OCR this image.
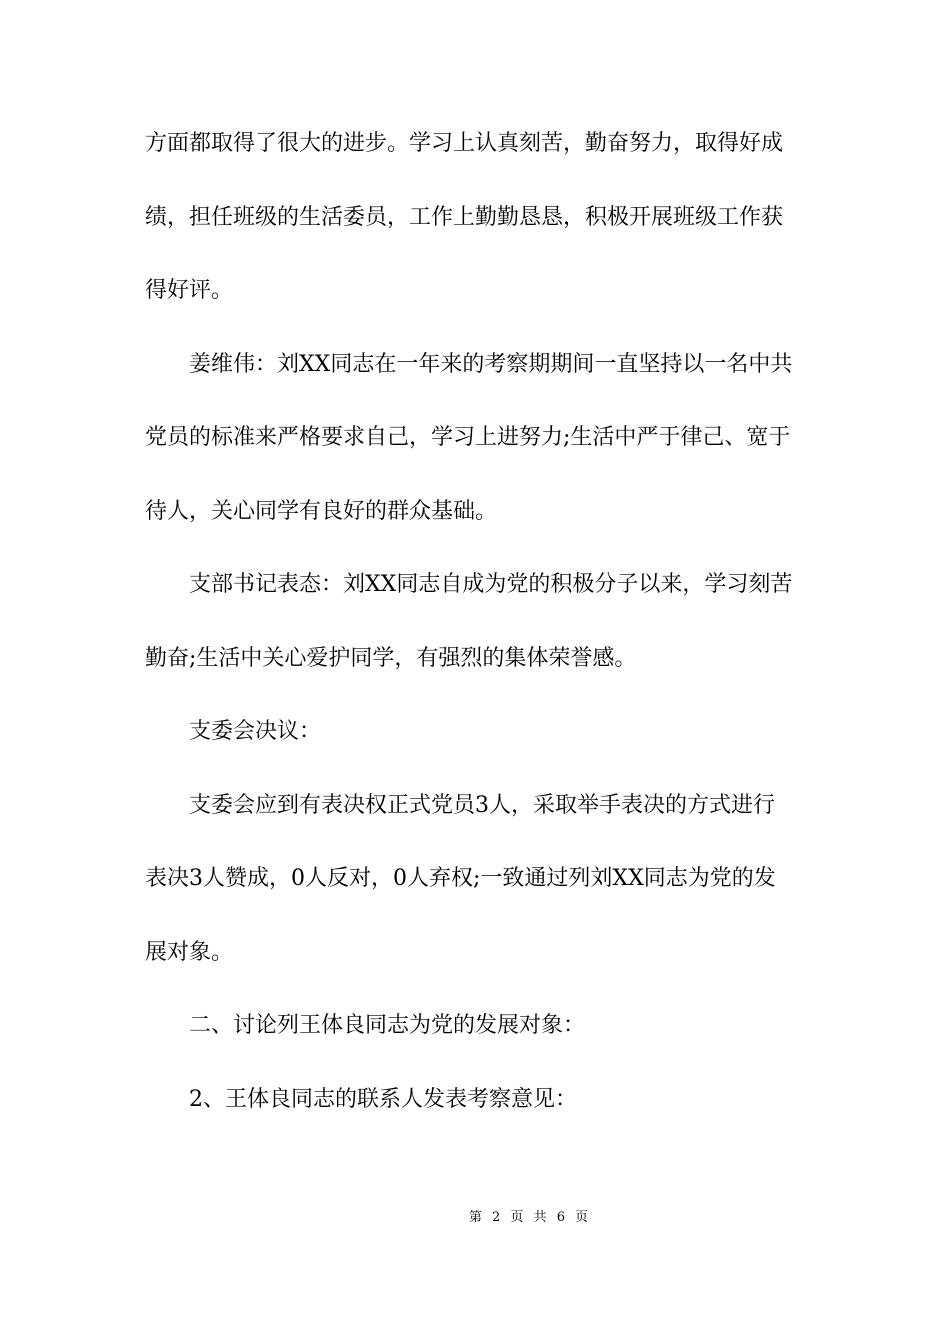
方面都取得了很大的进步。学习上认真刻苦，勤奋努力，取得好成
绩，担任班级的生活委员，工作上勤勤恳恳，积极开展班级工作获
得好评。
姜维伟：刘XX同志在一年来的考察期期间一直坚持以一名中共
党员的标准来严格要求自己，学习上进努力;生活中严于律己、宽于
待人，关心同学有良好的群众基础。
支部书记表态：刘XX同志自成为党的积极分子以来，学习刻苦
勤奋;生活中关心爱护同学，有强烈的集体荣誉感。
支委会决议：
支委会应到有表决权正式党员3人，采取举手表决的方式进行
表决3人赞成，0人反对，0人弃权;一致通过列刘XX同志为党的发
展对象。
二、讨论列王体良同志为党的发展对象：
2、王体良同志的联系人发表考察意见：
第 2 页 共 6 页
